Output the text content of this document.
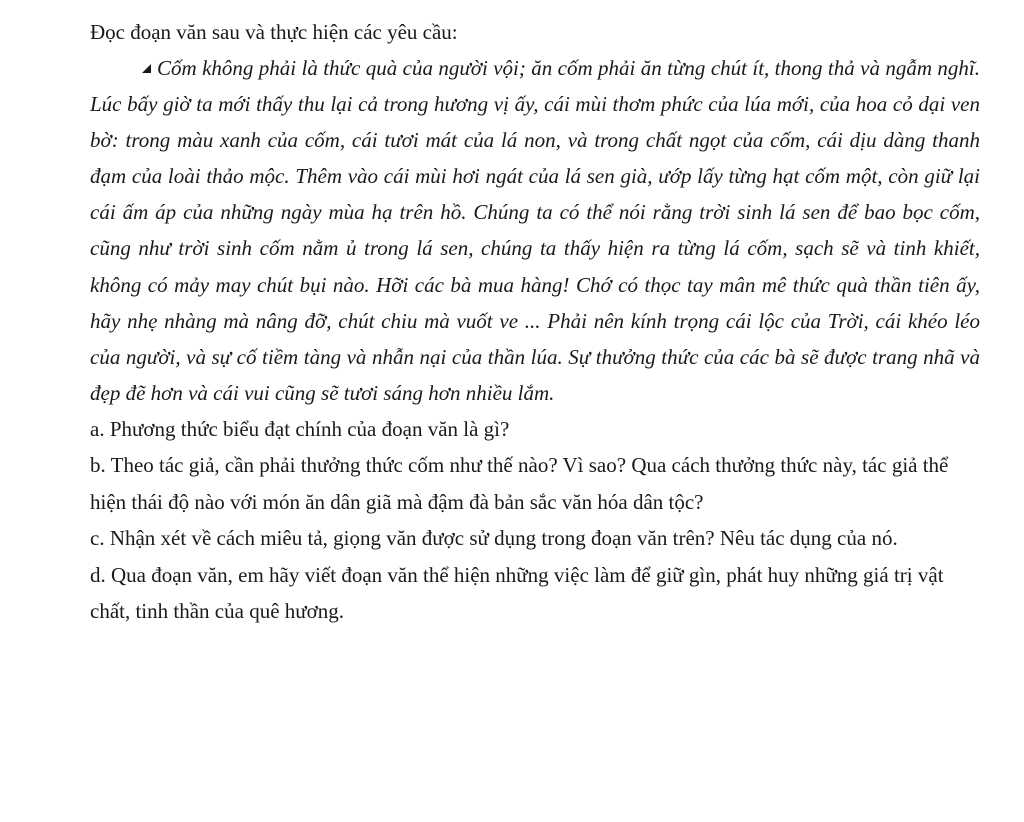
Đọc đoạn văn sau và thực hiện các yêu cầu:

Cốm không phải là thức quà của người vội; ăn cốm phải ăn từng chút ít, thong thả và ngẫm nghĩ. Lúc bấy giờ ta mới thấy thu lại cả trong hương vị ấy, cái mùi thơm phức của lúa mới, của hoa cỏ dại ven bờ: trong màu xanh của cốm, cái tươi mát của lá non, và trong chất ngọt của cốm, cái dịu dàng thanh đạm của loài thảo mộc. Thêm vào cái mùi hơi ngát của lá sen già, ướp lấy từng hạt cốm một, còn giữ lại cái ấm áp của những ngày mùa hạ trên hồ. Chúng ta có thể nói rằng trời sinh lá sen để bao bọc cốm, cũng như trời sinh cốm nằm ủ trong lá sen, chúng ta thấy hiện ra từng lá cốm, sạch sẽ và tinh khiết, không có mảy may chút bụi nào. Hỡi các bà mua hàng! Chớ có thọc tay mân mê thức quà thần tiên ấy, hãy nhẹ nhàng mà nâng đỡ, chút chiu mà vuốt ve ... Phải nên kính trọng cái lộc của Trời, cái khéo léo của người, và sự cố tiềm tàng và nhẫn nại của thần lúa. Sự thưởng thức của các bà sẽ được trang nhã và đẹp đẽ hơn và cái vui cũng sẽ tươi sáng hơn nhiều lắm.

a. Phương thức biểu đạt chính của đoạn văn là gì?

b. Theo tác giả, cần phải thưởng thức cốm như thế nào? Vì sao? Qua cách thưởng thức này, tác giả thể hiện thái độ nào với món ăn dân giã mà đậm đà bản sắc văn hóa dân tộc?

c. Nhận xét về cách miêu tả, giọng văn được sử dụng trong đoạn văn trên? Nêu tác dụng của nó.

d. Qua đoạn văn, em hãy viết đoạn văn thể hiện những việc làm để giữ gìn, phát huy những giá trị vật chất, tinh thần của quê hương.
